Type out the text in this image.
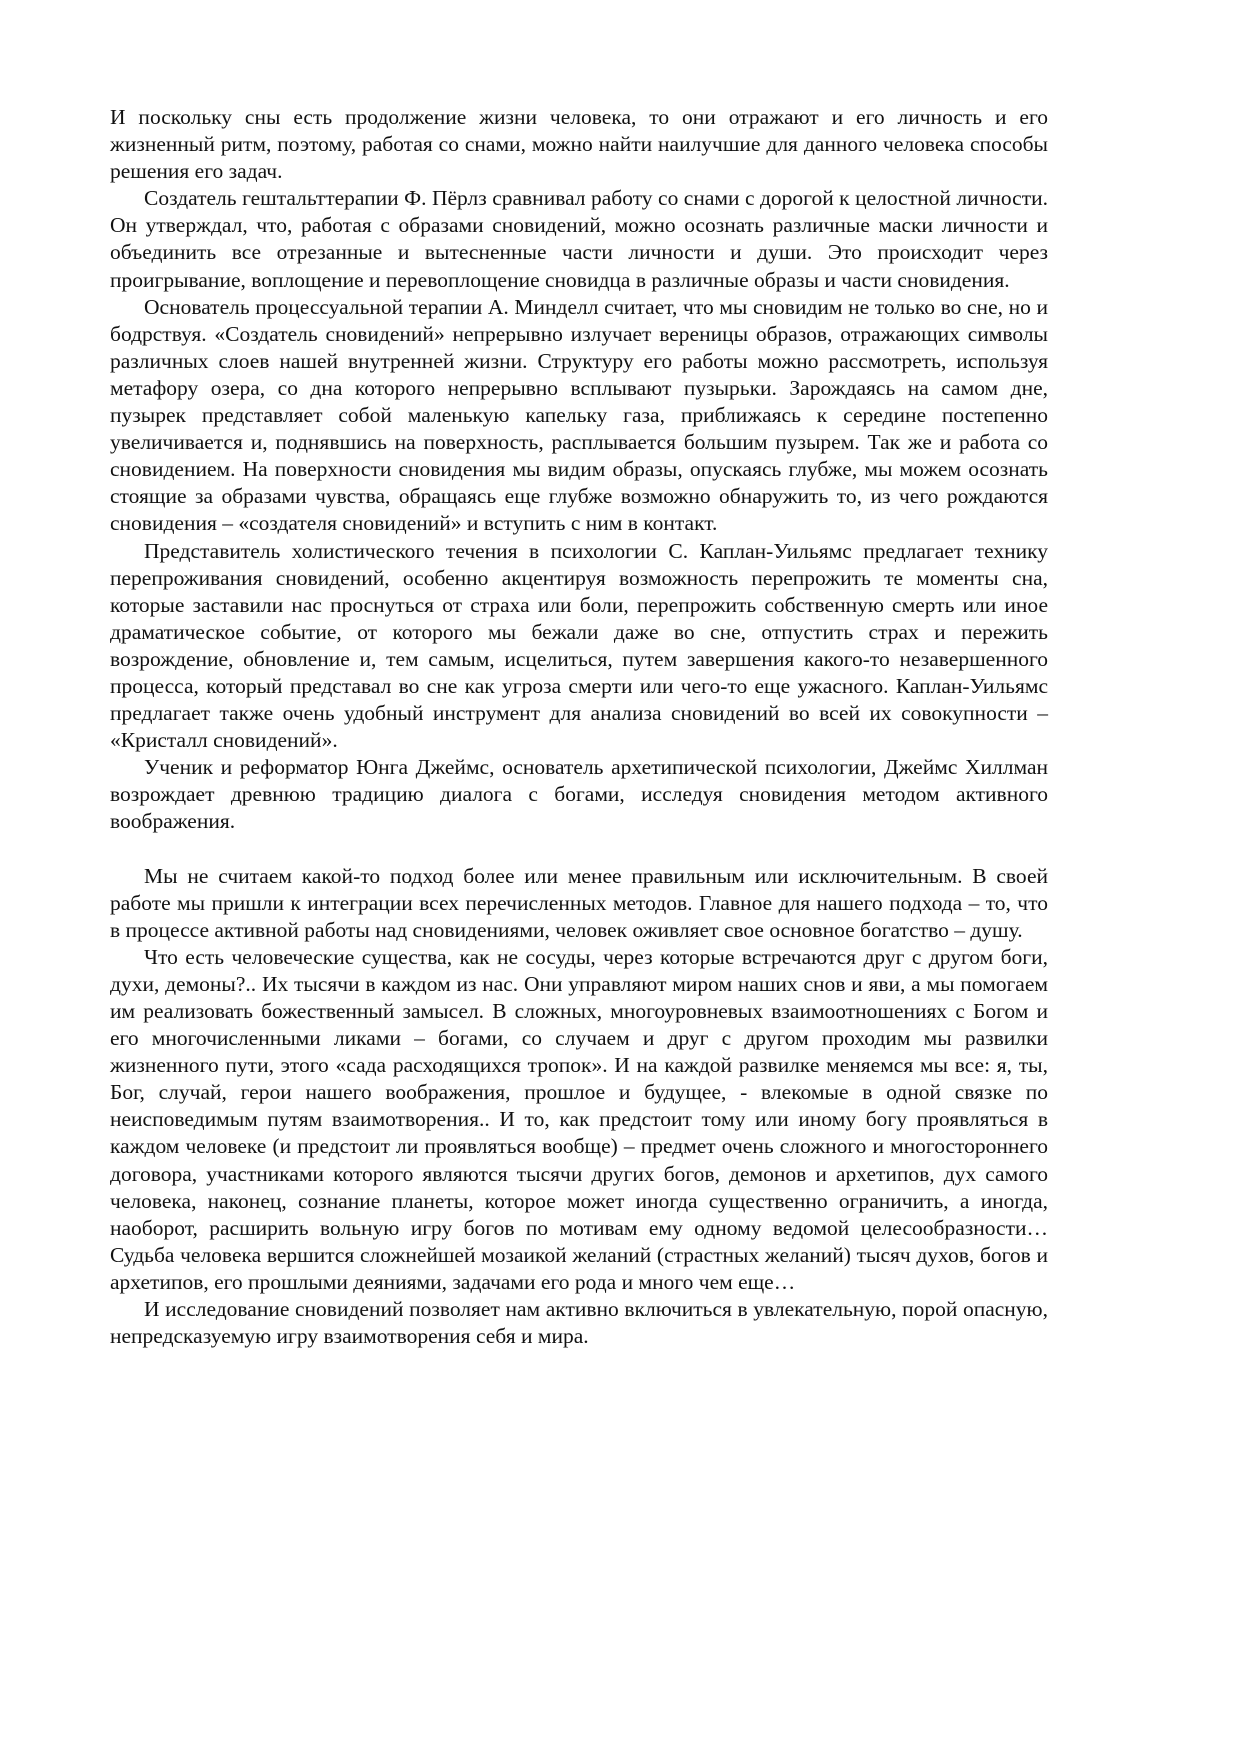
И поскольку сны есть продолжение жизни человека, то они отражают и его личность и его жизненный ритм, поэтому, работая со снами, можно найти наилучшие для данного человека способы решения его задач.

Создатель гештальттерапии Ф. Пёрлз сравнивал работу со снами с дорогой к целостной личности. Он утверждал, что, работая с образами сновидений, можно осознать различные маски личности и объединить все отрезанные и вытесненные части личности и души. Это происходит через проигрывание, воплощение и перевоплощение сновидца в различные образы и части сновидения.

Основатель процессуальной терапии А. Минделл считает, что мы сновидим не только во сне, но и бодрствуя. «Создатель сновидений» непрерывно излучает вереницы образов, отражающих символы различных слоев нашей внутренней жизни. Структуру его работы можно рассмотреть, используя метафору озера, со дна которого непрерывно всплывают пузырьки. Зарождаясь на самом дне, пузырек представляет собой маленькую капельку газа, приближаясь к середине постепенно увеличивается и, поднявшись на поверхность, расплывается большим пузырем. Так же и работа со сновидением. На поверхности сновидения мы видим образы, опускаясь глубже, мы можем осознать стоящие за образами чувства, обращаясь еще глубже возможно обнаружить то, из чего рождаются сновидения – «создателя сновидений» и вступить с ним в контакт.

Представитель холистического течения в психологии С. Каплан-Уильямс предлагает технику перепроживания сновидений, особенно акцентируя возможность перепрожить те моменты сна, которые заставили нас проснуться от страха или боли, перепрожить собственную смерть или иное драматическое событие, от которого мы бежали даже во сне, отпустить страх и пережить возрождение, обновление и, тем самым, исцелиться, путем завершения какого-то незавершенного процесса, который представал во сне как угроза смерти или чего-то еще ужасного. Каплан-Уильямс предлагает также очень удобный инструмент для анализа сновидений во всей их совокупности – «Кристалл сновидений».

Ученик и реформатор Юнга Джеймс, основатель архетипической психологии, Джеймс Хиллман возрождает древнюю традицию диалога с богами, исследуя сновидения методом активного воображения.

Мы не считаем какой-то подход более или менее правильным или исключительным. В своей работе мы пришли к интеграции всех перечисленных методов. Главное для нашего подхода – то, что в процессе активной работы над сновидениями, человек оживляет свое основное богатство – душу.

Что есть человеческие существа, как не сосуды, через которые встречаются друг с другом боги, духи, демоны?.. Их тысячи в каждом из нас. Они управляют миром наших снов и яви, а мы помогаем им реализовать божественный замысел. В сложных, многоуровневых взаимоотношениях с Богом и его многочисленными ликами – богами, со случаем и друг с другом проходим мы развилки жизненного пути, этого «сада расходящихся тропок». И на каждой развилке меняемся мы все: я, ты, Бог, случай, герои нашего воображения, прошлое и будущее, - влекомые в одной связке по неисповедимым путям взаимотворения.. И то, как предстоит тому или иному богу проявляться в каждом человеке (и предстоит ли проявляться вообще) – предмет очень сложного и многостороннего договора, участниками которого являются тысячи других богов, демонов и архетипов, дух самого человека, наконец, сознание планеты, которое может иногда существенно ограничить, а иногда, наоборот, расширить вольную игру богов по мотивам ему одному ведомой целесообразности… Судьба человека вершится сложнейшей мозаикой желаний (страстных желаний) тысяч духов, богов и архетипов, его прошлыми деяниями, задачами его рода и много чем еще…

И исследование сновидений позволяет нам активно включиться в увлекательную, порой опасную, непредсказуемую игру взаимотворения себя и мира.
